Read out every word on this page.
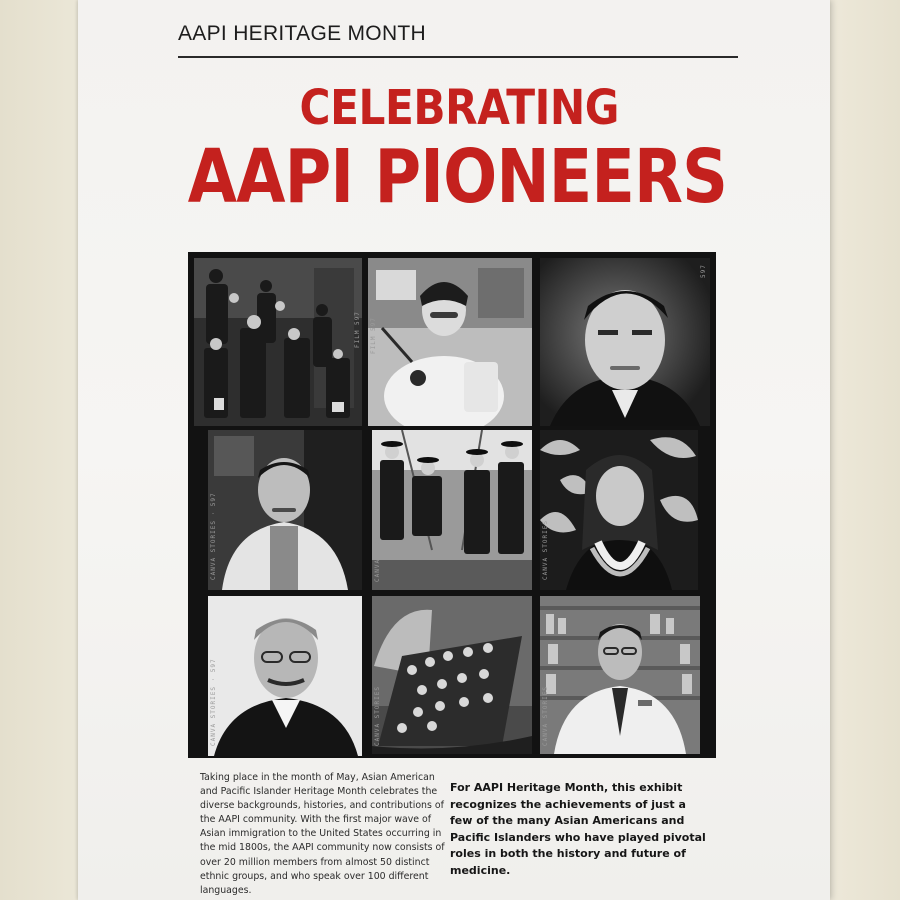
AAPI HERITAGE MONTH
CELEBRATING
AAPI PIONEERS
FILM 597 FILM 597
597
CANVA STORIES · 597	CANVA STORIES	CANVA STORIES
CANVA STORIES · 597	CANVA STORIES	CANVA STORIES
Taking place in the month of May, Asian American and Pacific Islander Heritage Month celebrates the diverse backgrounds, histories, and contributions of the AAPI community. With the first major wave of Asian immigration to the United States occurring in the mid 1800s, the AAPI community now consists of over 20 million members from almost 50 distinct ethnic groups, and who speak over 100 different languages.
For AAPI Heritage Month, this exhibit recognizes the achievements of just a few of the many Asian Americans and Pacific Islanders who have played pivotal roles in both the history and future of medicine.
